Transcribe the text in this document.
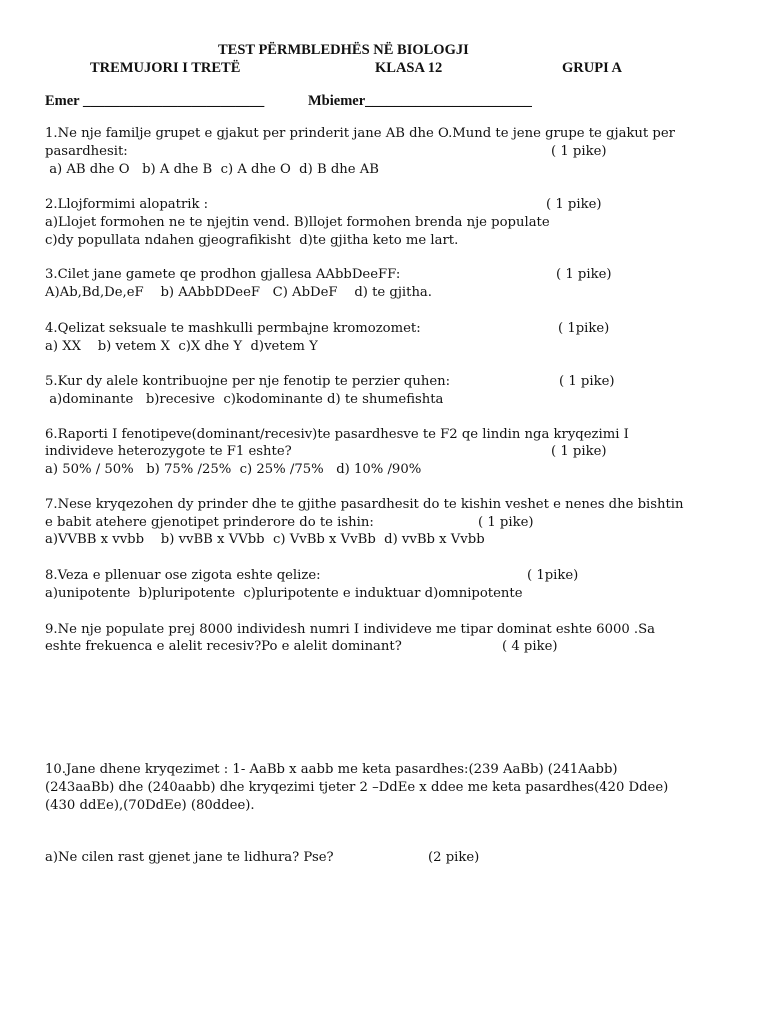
TEST PËRMBLEDHËS NË BIOLOGJI
TREMUJORI I TRETË	KLASA 12	GRUPI A
Emer _________________________	Mbiemer_______________________
1.Ne nje familje grupet e gjakut per prinderit jane AB dhe O.Mund te jene grupe te gjakut per
pasardhesit:	( 1 pike)
a) AB dhe O   b) A dhe B  c) A dhe O  d) B dhe AB
2.Llojformimi alopatrik :	( 1 pike)
a)Llojet formohen ne te njejtin vend. B)llojet formohen brenda nje populate
c)dy popullata ndahen gjeografikisht  d)te gjitha keto me lart.
3.Cilet jane gamete qe prodhon gjallesa AAbbDeeFF:	( 1 pike)
A)Ab,Bd,De,eF    b) AAbbDDeeF   C) AbDeF    d) te gjitha.
4.Qelizat seksuale te mashkulli permbajne kromozomet:	( 1pike)
a) XX    b) vetem X  c)X dhe Y  d)vetem Y
5.Kur dy alele kontribuojne per nje fenotip te perzier quhen:	( 1 pike)
a)dominante   b)recesive  c)kodominante d) te shumefishta
6.Raporti I fenotipeve(dominant/recesiv)te pasardhesve te F2 qe lindin nga kryqezimi I
individeve heterozygote te F1 eshte?	( 1 pike)
a) 50% / 50%   b) 75% /25%  c) 25% /75%   d) 10% /90%
7.Nese kryqezohen dy prinder dhe te gjithe pasardhesit do te kishin veshet e nenes dhe bishtin
e babit atehere gjenotipet prinderore do te ishin:	( 1 pike)
a)VVBB x vvbb    b) vvBB x VVbb  c) VvBb x VvBb  d) vvBb x Vvbb
8.Veza e pllenuar ose zigota eshte qelize:	( 1pike)
a)unipotente  b)pluripotente  c)pluripotente e induktuar d)omnipotente
9.Ne nje populate prej 8000 individesh numri I individeve me tipar dominat eshte 6000 .Sa
eshte frekuenca e alelit recesiv?Po e alelit dominant?	( 4 pike)
10.Jane dhene kryqezimet : 1- AaBb x aabb me keta pasardhes:(239 AaBb) (241Aabb)
(243aaBb) dhe (240aabb) dhe kryqezimi tjeter 2 –DdEe x ddee me keta pasardhes(420 Ddee)
(430 ddEe),(70DdEe) (80ddee).
a)Ne cilen rast gjenet jane te lidhura? Pse?	(2 pike)
